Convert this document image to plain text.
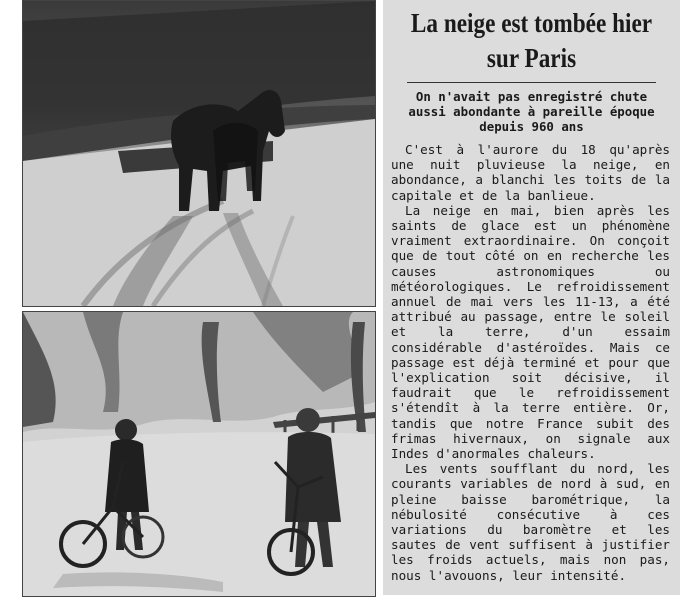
La neige est tombée hier
sur Paris
On n'avait pas enregistré chute
aussi abondante à pareille époque
depuis 960 ans

C'est à l'aurore du 18 qu'après une nuit pluvieuse la neige, en abondance, a blanchi les toits de la capitale et de la banlieue.

La neige en mai, bien après les saints de glace est un phénomène vraiment extraordinaire. On conçoit que de tout côté on en recherche les causes astronomiques ou météorologiques. Le refroidissement annuel de mai vers les 11-13, a été attribué au passage, entre le soleil et la terre, d'un essaim considérable d'astéroïdes. Mais ce passage est déjà terminé et pour que l'explication soit décisive, il faudrait que le refroidissement s'étendît à la terre entière. Or, tandis que notre France subit des frimas hivernaux, on signale aux Indes d'anormales chaleurs.

Les vents soufflant du nord, les courants variables de nord à sud, en pleine baisse barométrique, la nébulosité consécutive à ces variations du baromètre et les sautes de vent suffisent à justifier les froids actuels, mais non pas, nous l'avouons, leur intensité.
